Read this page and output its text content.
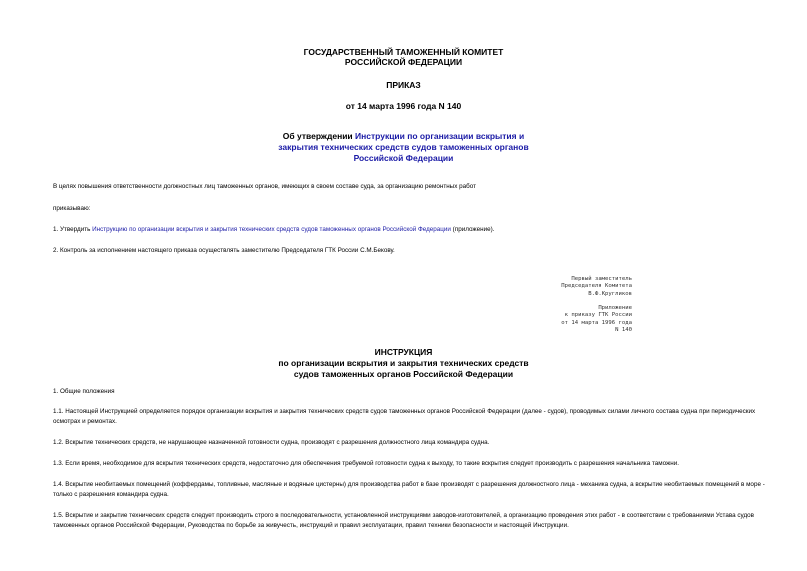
ГОСУДАРСТВЕННЫЙ ТАМОЖЕННЫЙ КОМИТЕТ
РОССИЙСКОЙ ФЕДЕРАЦИИ
ПРИКАЗ
от 14 марта 1996 года N 140
Об утверждении Инструкции по организации вскрытия и
закрытия технических средств судов таможенных органов
Российской Федерации
В целях повышения ответственности должностных лиц таможенных органов, имеющих в своем составе суда, за организацию ремонтных работ
приказываю:
1. Утвердить Инструкцию по организации вскрытия и закрытия технических средств судов таможенных органов Российской Федерации (приложение).
2. Контроль за исполнением настоящего приказа осуществлять заместителю Председателя ГТК России С.М.Бекову.
Первый заместитель
Председателя Комитета
В.Ф.Кругликов
Приложение
к приказу ГТК России
от 14 марта 1996 года
N 140
ИНСТРУКЦИЯ
по организации вскрытия и закрытия технических средств
судов таможенных органов Российской Федерации
1. Общие положения
1.1. Настоящей Инструкцией определяется порядок организации вскрытия и закрытия технических средств судов таможенных органов Российской Федерации (далее - судов), проводимых силами личного состава судна при периодических осмотрах и ремонтах.
1.2. Вскрытие технических средств, не нарушающее назначенной готовности судна, производят с разрешения должностного лица командира судна.
1.3. Если время, необходимое для вскрытия технических средств, недостаточно для обеспечения требуемой готовности судна к выходу, то такие вскрытия следует производить с разрешения начальника таможни.
1.4. Вскрытие необитаемых помещений (коффердамы, топливные, масляные и водяные цистерны) для производства работ в базе производят с разрешения должностного лица - механика судна, а вскрытие необитаемых помещений в море - только с разрешения командира судна.
1.5. Вскрытие и закрытие технических средств следует производить строго в последовательности, установленной инструкциями заводов-изготовителей, а организацию проведения этих работ - в соответствии с требованиями Устава судов таможенных органов Российской Федерации, Руководства по борьбе за живучесть, инструкций и правил эксплуатации, правил техники безопасности и настоящей Инструкции.
